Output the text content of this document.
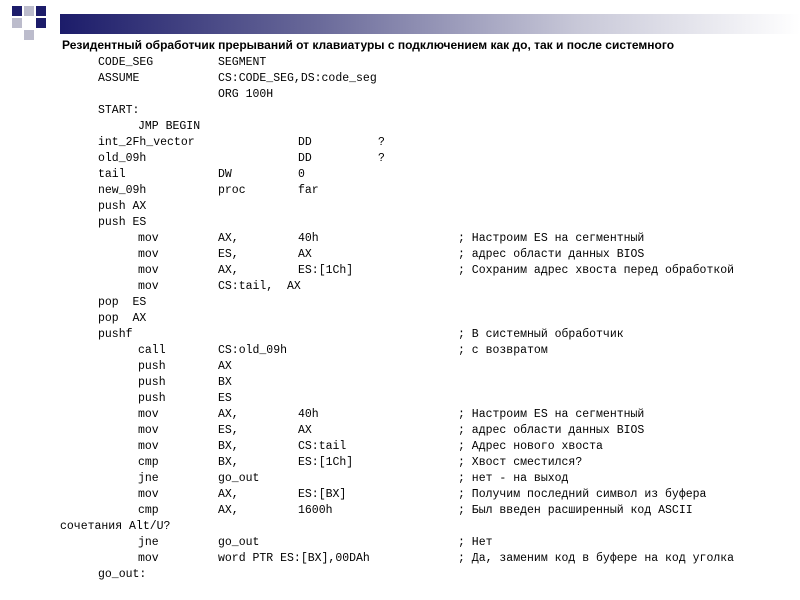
Резидентный обработчик прерываний от клавиатуры с подключением как до, так и после системного
CODE_SEG	SEGMENT
ASSUME	CS:CODE_SEG,DS:code_seg
ORG 100H
START:
JMP BEGIN
int_2Fh_vector	DD	?
old_09h	DD	?
tail	DW	0
new_09h	proc	far
push AX
push ES
mov	AX,	40h	; Настроим ES на сегментный
mov	ES,	AX	; адрес области данных BIOS
mov	AX,	ES:[1Ch]	; Сохраним адрес хвоста перед обработкой
mov	CS:tail,  AX
pop  ES
pop  AX
pushf	; В системный обработчик
call	CS:old_09h	; с возвратом
push	AX
push	BX
push	ES
mov	AX,	40h	; Настроим ES на сегментный
mov	ES,	AX	; адрес области данных BIOS
mov	BX,	CS:tail	; Адрес нового хвоста
cmp	BX,	ES:[1Ch]	; Хвост сместился?
jne	go_out	; нет - на выход
mov	AX,	ES:[BX]	; Получим последний символ из буфера
cmp	AX,	1600h	; Был введен расширенный код ASCII
сочетания Alt/U?
jne	go_out	; Нет
mov	word PTR ES:[BX],00DAh	; Да, заменим код в буфере на код уголка
go_out:
